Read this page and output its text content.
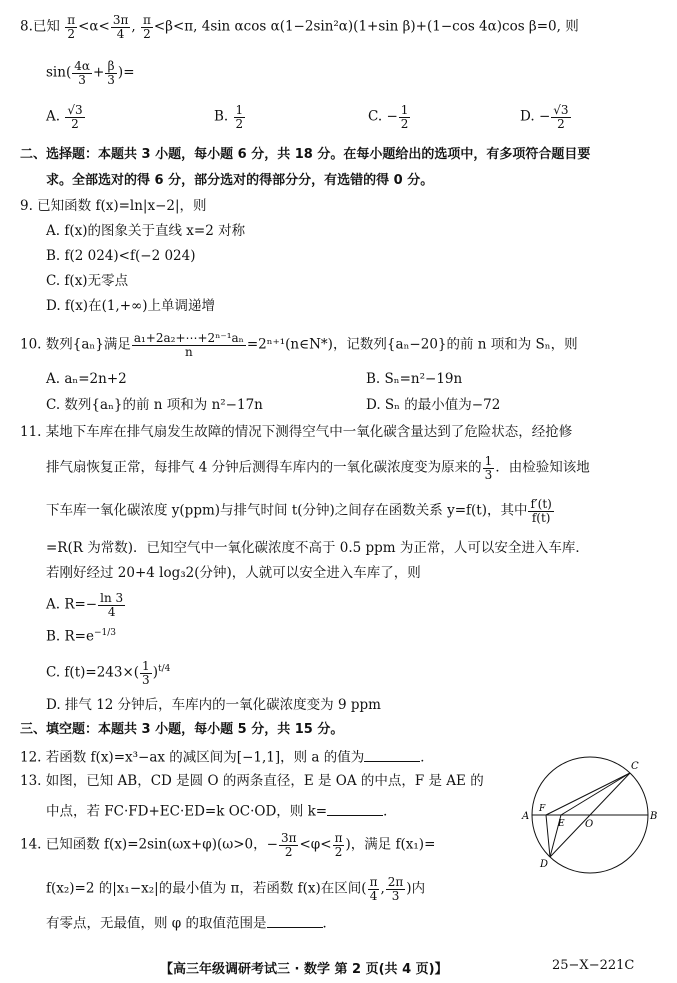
8.已知 $\frac{\pi}{2} <\alpha< \frac{3\pi}{4}$ , $\frac{\pi}{2} <\beta<\pi$, 4sin αcos α(1−2sin²α)(1+sin β)+(1−cos 4α)cos β=0, 则
$\sin( \frac{4\alpha}{3} + \frac{\beta}{3}$ )=
A. $\frac{√3}{2}$	B. $\frac{1}{2}$	C. − $\frac{1}{2}$	D. − $\frac{√3}{2}$
二、选择题：本题共 3 小题，每小题 6 分，共 18 分。在每小题给出的选项中，有多项符合题目要
求。全部选对的得 6 分，部分选对的得部分分，有选错的得 0 分。
9. 已知函数 f(x)=ln|x−2|，则
A. f(x)的图象关于直线 x=2 对称
B. f(2 024)<f(−2 024)
C. f(x)无零点
D. f(x)在(1,+∞)上单调递增
10. 数列{aₙ}满足 $\frac{\text{a₁+2a₂+⋯+2ⁿ⁻¹aₙ}}{n}$ =2ⁿ⁺¹(n∈N*)，记数列{aₙ−20}的前 n 项和为 Sₙ，则
A. aₙ=2n+2	B. Sₙ=n²−19n
C. 数列{aₙ}的前 n 项和为 n²−17n	D. Sₙ 的最小值为−72
11. 某地下车库在排气扇发生故障的情况下测得空气中一氧化碳含量达到了危险状态，经抢修
排气扇恢复正常，每排气 4 分钟后测得车库内的一氧化碳浓度变为原来的 $\frac{1}{3}$ ．由检验知该地
下车库一氧化碳浓度 y(ppm)与排气时间 t(分钟)之间存在函数关系 y=f(t)，其中 $\frac{f'(t)}{f(t)}$
=R(R 为常数)．已知空气中一氧化碳浓度不高于 0.5 ppm 为正常，人可以安全进入车库．
若刚好经过 20+4 log₃2(分钟)，人就可以安全进入车库了，则
A. $R=- \frac{\ln 3}{4}$
B. $R=e^{-1/3}$
C. $f(t)=243\times( \frac{1}{3} )^{t/4}$
D. 排气 12 分钟后，车库内的一氧化碳浓度变为 9 ppm
三、填空题：本题共 3 小题，每小题 5 分，共 15 分。
12. 若函数 f(x)=x³−ax 的减区间为[−1,1]，则 a 的值为	．
13. 如图，已知 AB，CD 是圆 O 的两条直径，E 是 OA 的中点，F 是 AE 的
中点，若 FC·FD+EC·ED=k OC·OD，则 k=	．
14. 已知函数 f(x)=2sin(ωx+φ)(ω>0，− $\frac{3\pi}{2} <\varphi< \frac{\pi}{2}$ )，满足 f(x₁)=
f(x₂)=2 的|x₁−x₂|的最小值为 π，若函数 f(x)在区间( $\frac{\pi}{4}$ , $\frac{2\pi}{3}$ )内
有零点，无最值，则 φ 的取值范围是	．
A	B
C
D
O
E
F
【高三年级调研考试三 · 数学 第 2 页(共 4 页)】	25−X−221C
